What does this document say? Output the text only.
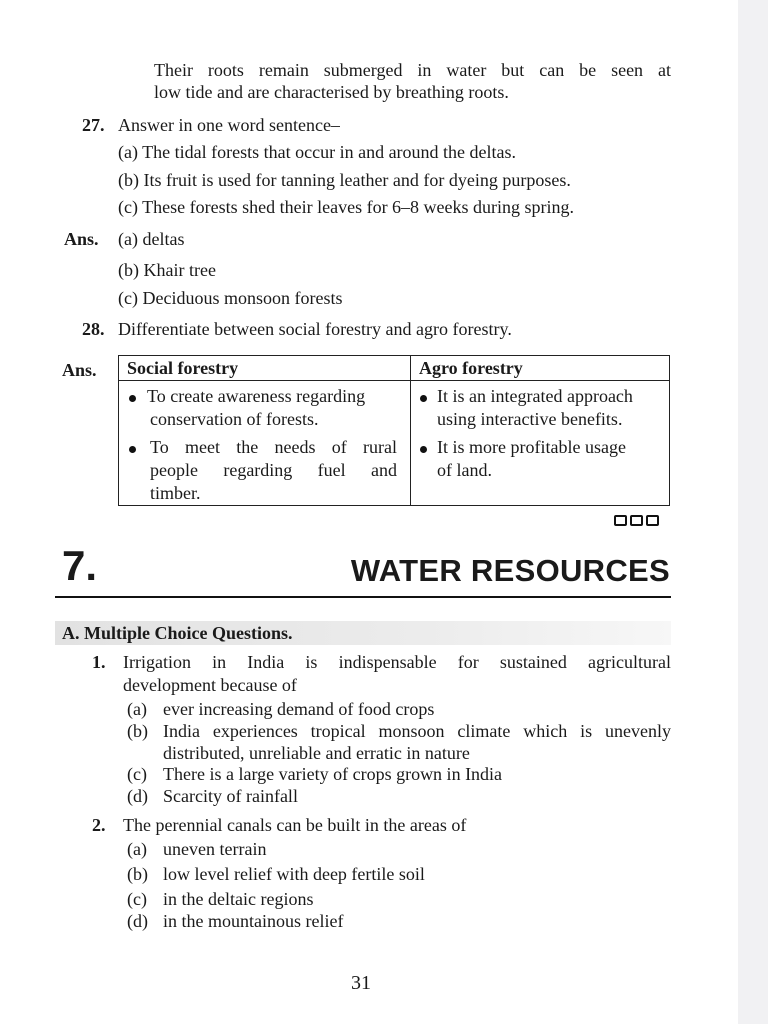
Their roots remain submerged in water but can be seen at
low tide and are characterised by breathing roots.
27. Answer in one word sentence–
(a) The tidal forests that occur in and around the deltas.
(b) Its fruit is used for tanning leather and for dyeing purposes.
(c) These forests shed their leaves for 6–8 weeks during spring.
Ans. (a) deltas
(b) Khair tree
(c) Deciduous monsoon forests
28. Differentiate between social forestry and agro forestry.
Ans. Social forestry	Agro forestry
To create awareness regarding
conservation of forests.
To meet the needs of rural
people regarding fuel and
timber.
It is an integrated approach
using interactive benefits.
It is more profitable usage
of land.
7.	WATER RESOURCES
A. Multiple Choice Questions.
1. Irrigation in India is indispensable for sustained agricultural
development because of
(a) ever increasing demand of food crops
(b) India experiences tropical monsoon climate which is unevenly
distributed, unreliable and erratic in nature
(c) There is a large variety of crops grown in India
(d) Scarcity of rainfall
2. The perennial canals can be built in the areas of
(a) uneven terrain
(b) low level relief with deep fertile soil
(c) in the deltaic regions
(d) in the mountainous relief
31
